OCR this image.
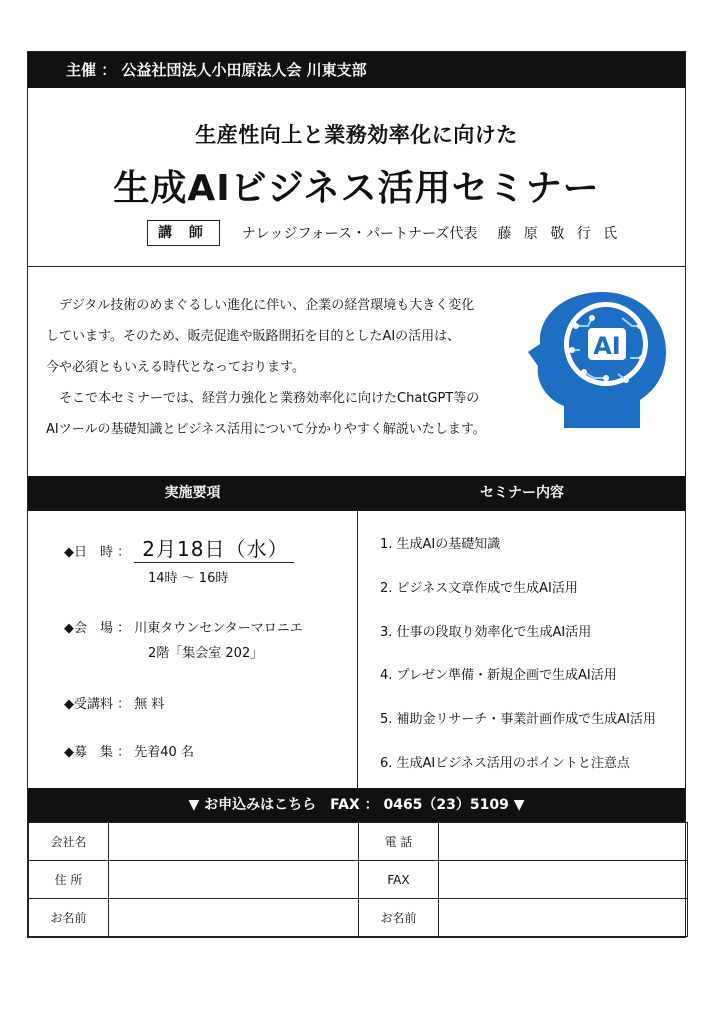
主催 ： 公益社団法人小田原法人会 川東支部
生産性向上と業務効率化に向けた
生成AIビジネス活用セミナー
講 師	ナレッジフォース・パートナーズ代表 藤 原 敬 行 氏

　デジタル技術のめまぐるしい進化に伴い、企業の経営環境も大きく変化

しています。そのため、販売促進や販路開拓を目的としたAIの活用は、

今や必須ともいえる時代となっております。

　そこで本セミナーでは、経営力強化と業務効率化に向けたChatGPT等の

AIツールの基礎知識とビジネス活用について分かりやすく解説いたします。

AI
実施要項	セミナー内容
◆日　時 ： 2月18日（水）
14時 ～ 16時
◆会　場 ： 川東タウンセンターマロニエ
2階「集会室 202」
◆受講料 ： 無 料
◆募　集 ： 先着40 名
1. 生成AIの基礎知識
2. ビジネス文章作成で生成AI活用
3. 仕事の段取り効率化で生成AI活用
4. プレゼン準備・新規企画で生成AI活用
5. 補助金リサーチ・事業計画作成で生成AI活用
6. 生成AIビジネス活用のポイントと注意点
▼ お申込みはこちら　FAX ： 0465（23）5109 ▼
会社名		電 話	
住 所		FAX	
お名前		お名前	
